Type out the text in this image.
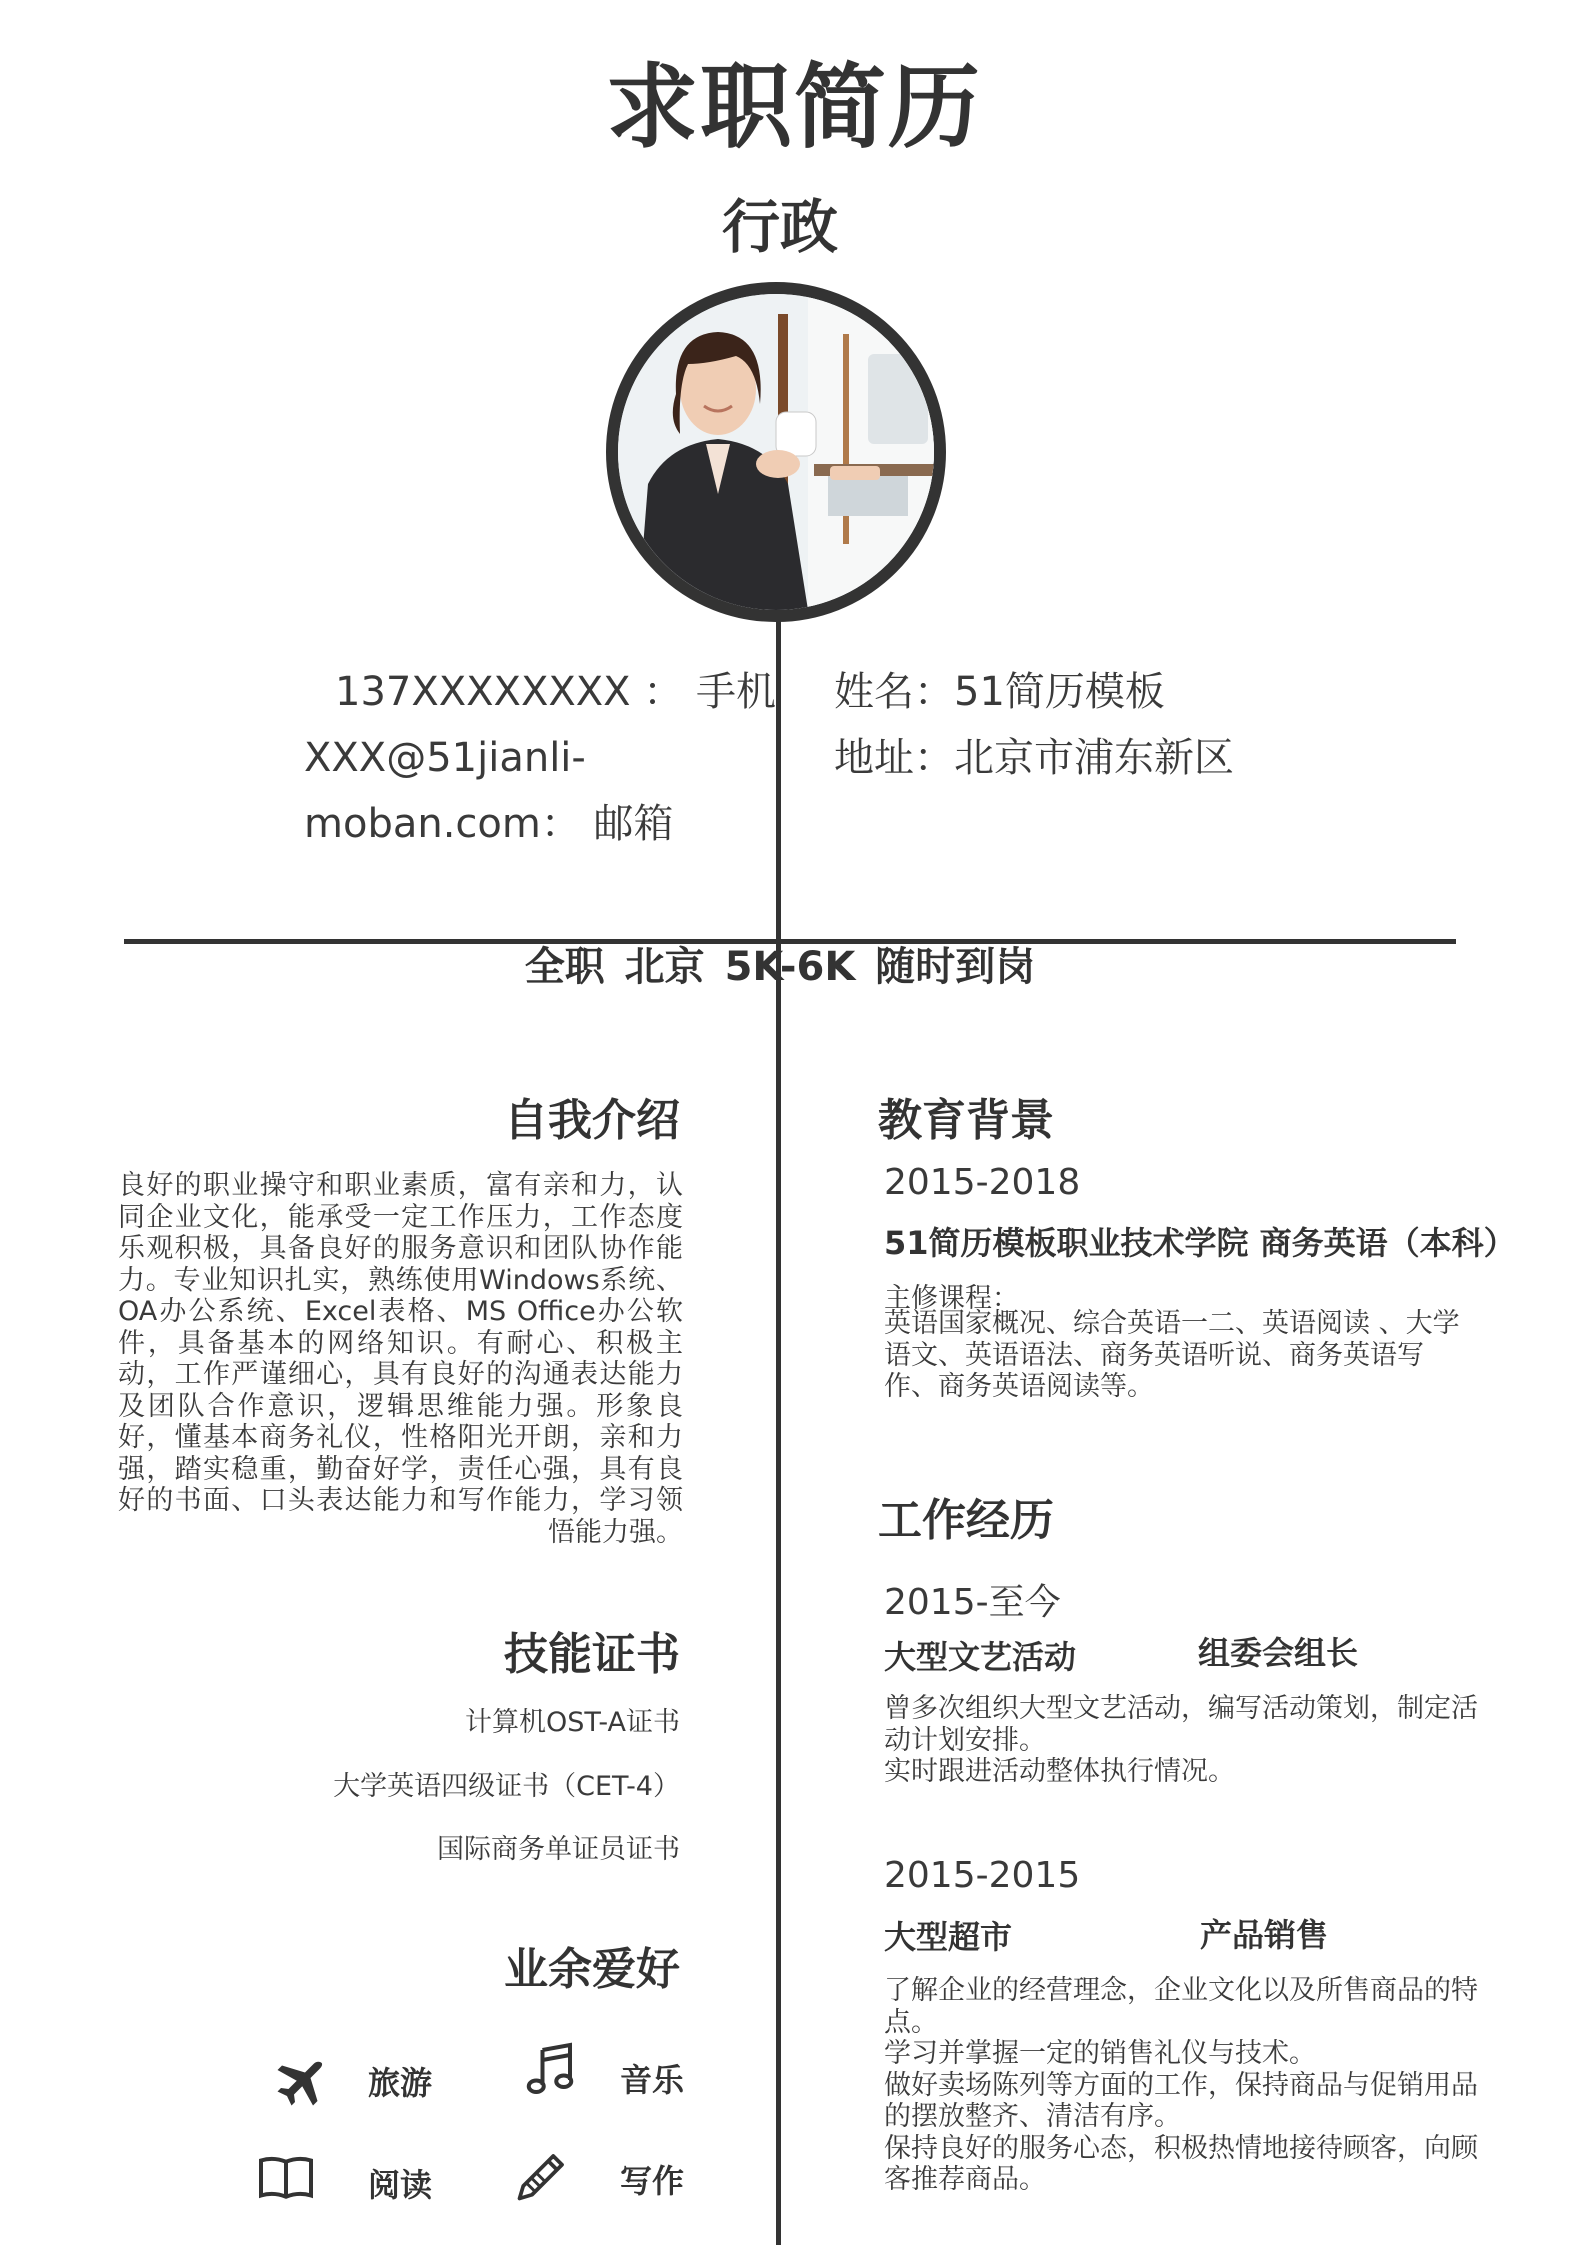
求职简历
行政
137XXXXXXXX ： 手机
XXX@51jianli-
moban.com： 邮箱
姓名：51简历模板
地址：北京市浦东新区
全职 北京 5K-6K 随时到岗
自我介绍
良好的职业操守和职业素质，富有亲和力，认同企业文化，能承受一定工作压力，工作态度乐观积极，具备良好的服务意识和团队协作能力。专业知识扎实，熟练使用Windows系统、OA办公系统、Excel表格、MS Office办公软件，具备基本的网络知识。有耐心、积极主动，工作严谨细心，具有良好的沟通表达能力及团队合作意识，逻辑思维能力强。形象良好，懂基本商务礼仪，性格阳光开朗，亲和力强，踏实稳重，勤奋好学，责任心强，具有良好的书面、口头表达能力和写作能力，学习领悟能力强。
技能证书
计算机OST-A证书
大学英语四级证书（CET-4）
国际商务单证员证书
业余爱好
旅游	音乐
阅读	写作
教育背景
2015-2018
51简历模板职业技术学院 商务英语（本科）
主修课程：
英语国家概况、综合英语一二、英语阅读 、大学语文、英语语法、商务英语听说、商务英语写作、商务英语阅读等。
工作经历
2015-至今
大型文艺活动	组委会组长
曾多次组织大型文艺活动，编写活动策划，制定活动计划安排。
实时跟进活动整体执行情况。
2015-2015
大型超市	产品销售
了解企业的经营理念，企业文化以及所售商品的特点。
学习并掌握一定的销售礼仪与技术。
做好卖场陈列等方面的工作，保持商品与促销用品的摆放整齐、清洁有序。
保持良好的服务心态，积极热情地接待顾客，向顾客推荐商品。
